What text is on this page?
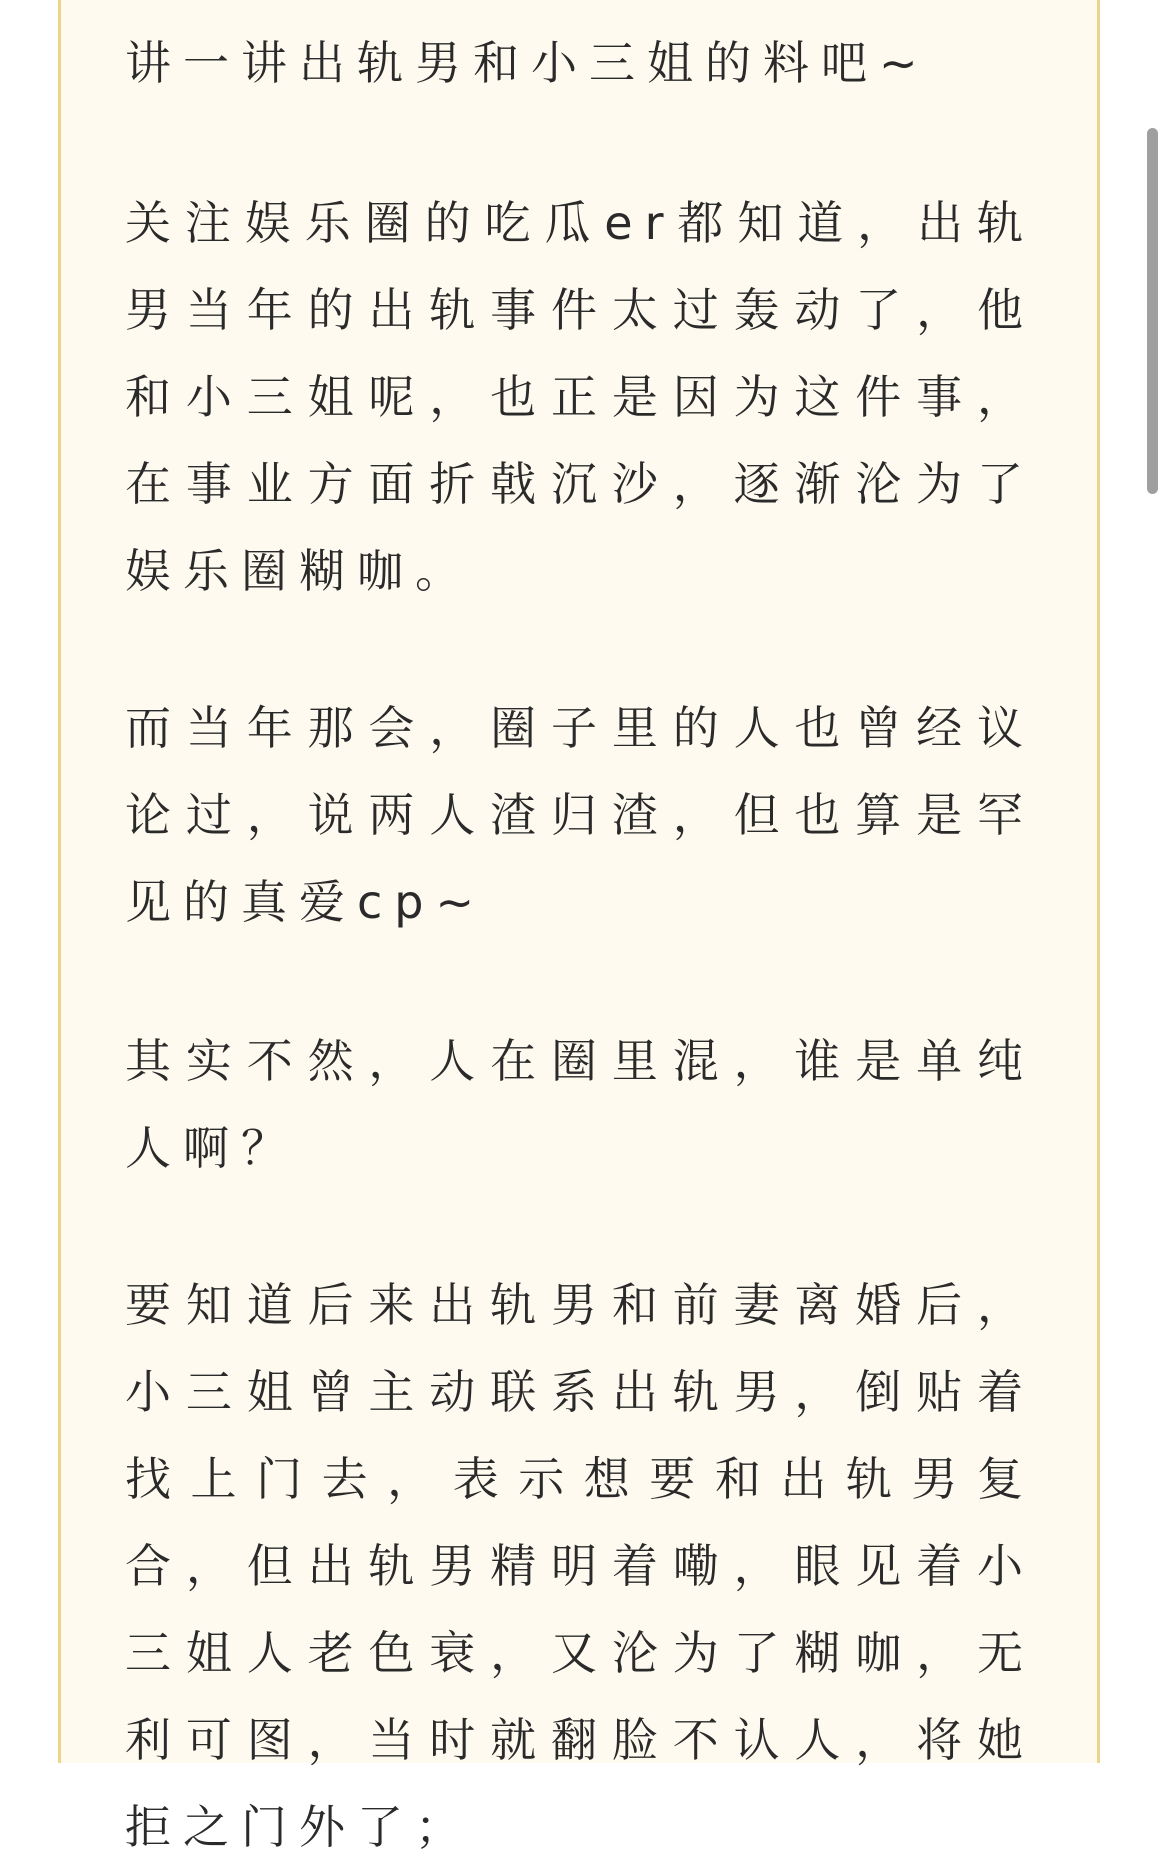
讲一讲出轨男和小三姐的料吧~

关注娱乐圈的吃瓜er都知道，出轨男当年的出轨事件太过轰动了，他和小三姐呢，也正是因为这件事，在事业方面折戟沉沙，逐渐沦为了娱乐圈糊咖。

而当年那会，圈子里的人也曾经议论过，说两人渣归渣，但也算是罕见的真爱cp~

其实不然，人在圈里混，谁是单纯人啊？

要知道后来出轨男和前妻离婚后，小三姐曾主动联系出轨男，倒贴着找上门去，表示想要和出轨男复合，但出轨男精明着嘞，眼见着小三姐人老色衰，又沦为了糊咖，无利可图，当时就翻脸不认人，将她拒之门外了；
